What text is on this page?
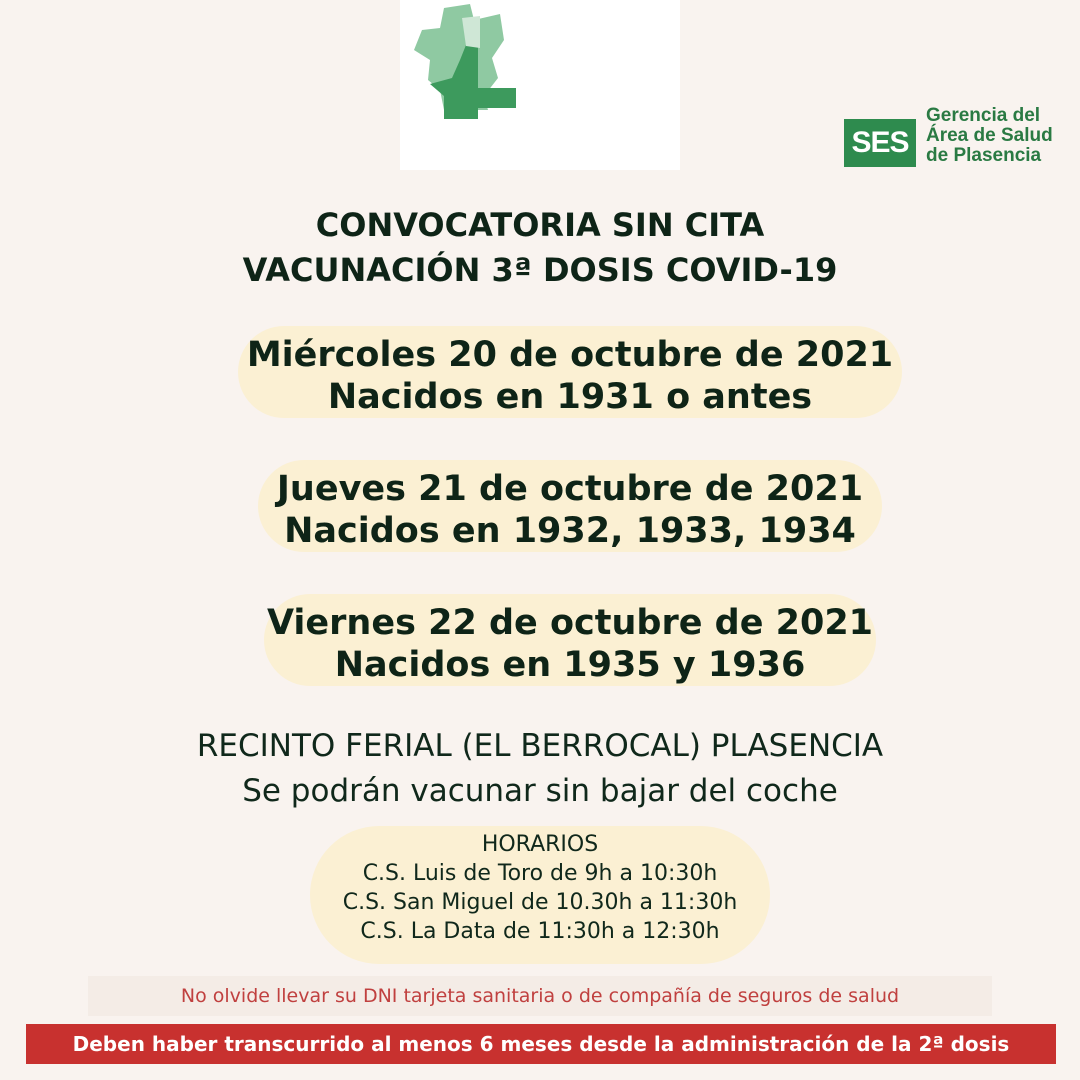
SES
Gerencia del
Área de Salud
de Plasencia
CONVOCATORIA SIN CITA
VACUNACIÓN 3ª DOSIS COVID-19
Miércoles 20 de octubre de 2021
Nacidos en 1931 o antes
Jueves 21 de octubre de 2021
Nacidos en 1932, 1933, 1934
Viernes 22 de octubre de 2021
Nacidos en 1935 y 1936
RECINTO FERIAL (EL BERROCAL) PLASENCIA
Se podrán vacunar sin bajar del coche
HORARIOS
C.S. Luis de Toro de 9h a 10:30h
C.S. San Miguel de 10.30h a 11:30h
C.S. La Data de 11:30h a 12:30h
No olvide llevar su DNI tarjeta sanitaria o de compañía de seguros de salud
Deben haber transcurrido al menos 6 meses desde la administración de la 2ª dosis
